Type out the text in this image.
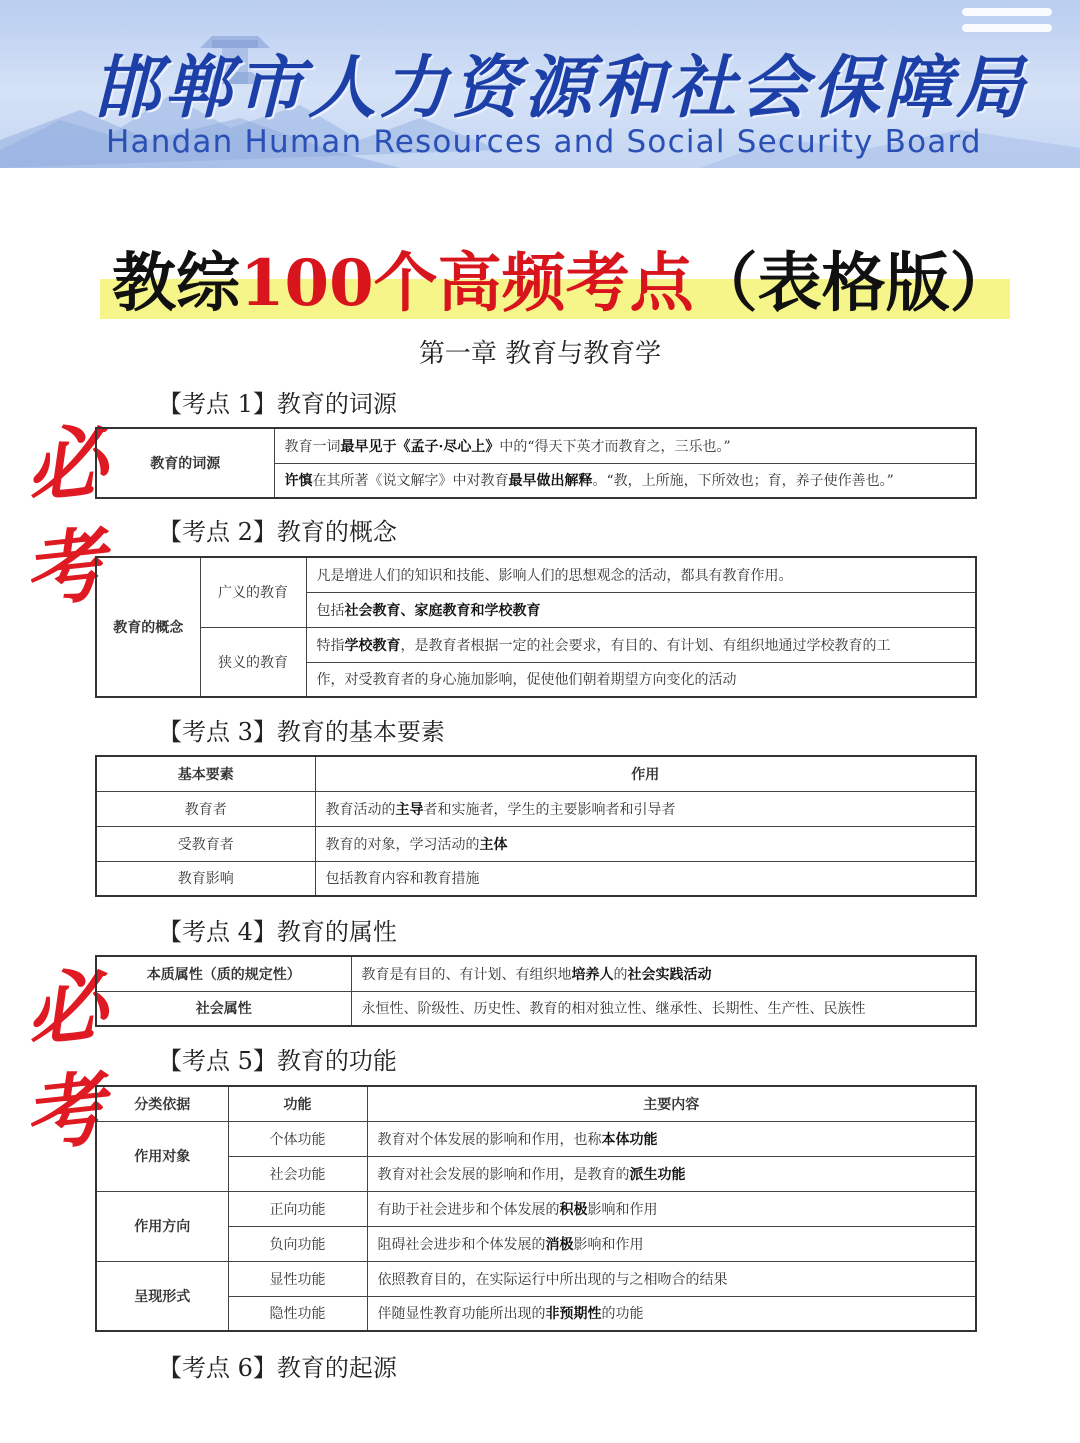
邯郸市人力资源和社会保障局
Handan Human Resources and Social Security Board
教综100个高频考点（表格版）
第一章 教育与教育学
必
考
必
考
【考点 1】教育的词源
教育的词源	教育一词最早见于《孟子·尽心上》中的“得天下英才而教育之，三乐也。”
许慎在其所著《说文解字》中对教育最早做出解释。“教，上所施，下所效也；育，养子使作善也。”
【考点 2】教育的概念
教育的概念	广义的教育	凡是增进人们的知识和技能、影响人们的思想观念的活动，都具有教育作用。
		包括社会教育、家庭教育和学校教育
	狭义的教育	特指学校教育，是教育者根据一定的社会要求，有目的、有计划、有组织地通过学校教育的工
		作，对受教育者的身心施加影响，促使他们朝着期望方向变化的活动
【考点 3】教育的基本要素
基本要素	作用
教育者	教育活动的主导者和实施者，学生的主要影响者和引导者
受教育者	教育的对象，学习活动的主体
教育影响	包括教育内容和教育措施
【考点 4】教育的属性
本质属性（质的规定性）	教育是有目的、有计划、有组织地培养人的社会实践活动
社会属性	永恒性、阶级性、历史性、教育的相对独立性、继承性、长期性、生产性、民族性
【考点 5】教育的功能
分类依据	功能	主要内容
作用对象	个体功能	教育对个体发展的影响和作用，也称本体功能
	社会功能	教育对社会发展的影响和作用，是教育的派生功能
作用方向	正向功能	有助于社会进步和个体发展的积极影响和作用
	负向功能	阻碍社会进步和个体发展的消极影响和作用
呈现形式	显性功能	依照教育目的，在实际运行中所出现的与之相吻合的结果
	隐性功能	伴随显性教育功能所出现的非预期性的功能
【考点 6】教育的起源
